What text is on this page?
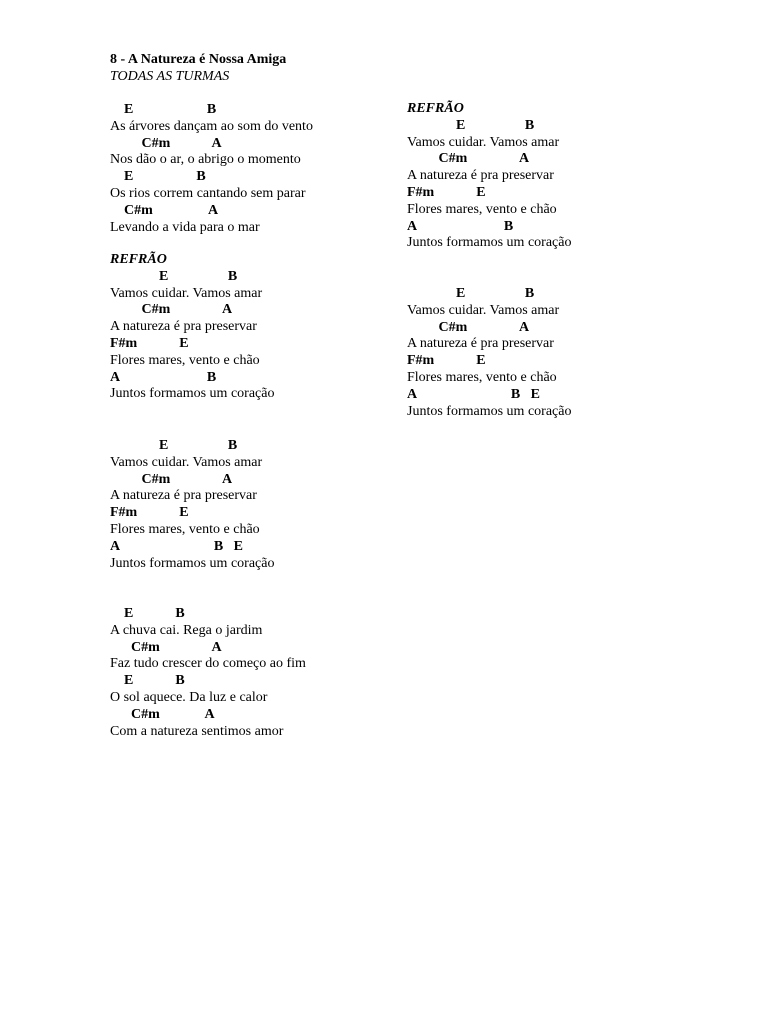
8 - A Natureza é Nossa Amiga
TODAS AS TURMAS
E                     B
As árvores dançam ao som do vento
C#m            A
Nos dão o ar, o abrigo o momento
E                  B
Os rios correm cantando sem parar
C#m                A
Levando a vida para o mar
REFRÃO
E                 B
Vamos cuidar. Vamos amar
C#m               A
A natureza é pra preservar
F#m            E
Flores mares, vento e chão
A                         B
Juntos formamos um coração
E                 B
Vamos cuidar. Vamos amar
C#m               A
A natureza é pra preservar
F#m            E
Flores mares, vento e chão
A                           B   E
Juntos formamos um coração
E            B
A chuva cai. Rega o jardim
C#m               A
Faz tudo crescer do começo ao fim
E            B
O sol aquece. Da luz e calor
C#m             A
Com a natureza sentimos amor
REFRÃO
E                 B
Vamos cuidar. Vamos amar
C#m               A
A natureza é pra preservar
F#m            E
Flores mares, vento e chão
A                         B
Juntos formamos um coração
E                 B
Vamos cuidar. Vamos amar
C#m               A
A natureza é pra preservar
F#m            E
Flores mares, vento e chão
A                           B   E
Juntos formamos um coração
